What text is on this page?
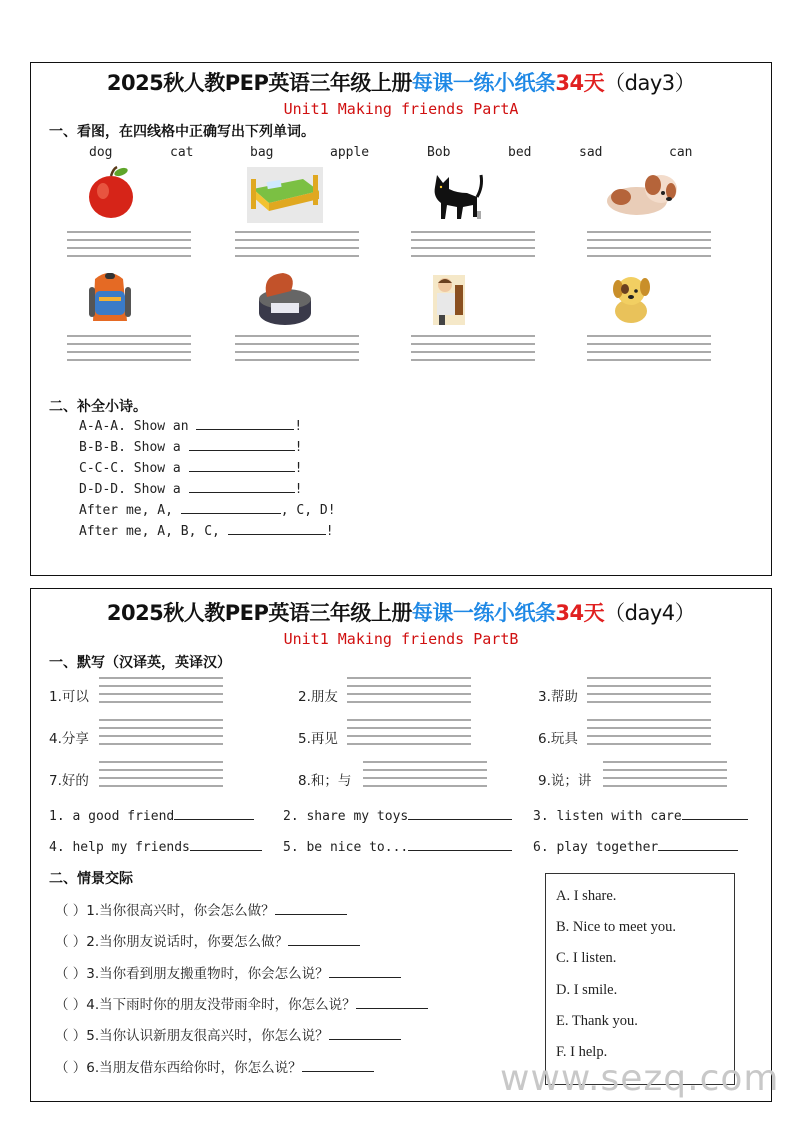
2025秋人教PEP英语三年级上册每课一练小纸条34天（day3）
Unit1 Making friends PartA
一、看图，在四线格中正确写出下列单词。
dog	cat	bag	apple	Bob	bed	sad	can
二、补全小诗。
A-A-A. Show an	!
B-B-B. Show a	!
C-C-C. Show a	!
D-D-D. Show a	!
After me, A,	, C, D!
After me, A, B, C,	!
2025秋人教PEP英语三年级上册每课一练小纸条34天（day4）
Unit1 Making friends PartB
一、默写（汉译英，英译汉）
1.可以	2.朋友	3.帮助
4.分享	5.再见	6.玩具
7.好的	8.和；与	9.说；讲
1. a good friend	2. share my toys	3. listen with care
4. help my friends	5. be nice to...	6. play together
二、情景交际
（ ）1.当你很高兴时，你会怎么做？
（ ）2.当你朋友说话时，你要怎么做？
（ ）3.当你看到朋友搬重物时，你会怎么说？
（ ）4.当下雨时你的朋友没带雨伞时，你怎么说？
（ ）5.当你认识新朋友很高兴时，你怎么说？
（ ）6.当朋友借东西给你时，你怎么说？
A. I share.
B. Nice to meet you.
C. I listen.
D. I smile.
E. Thank you.
F. I help.
www.sezq.com
